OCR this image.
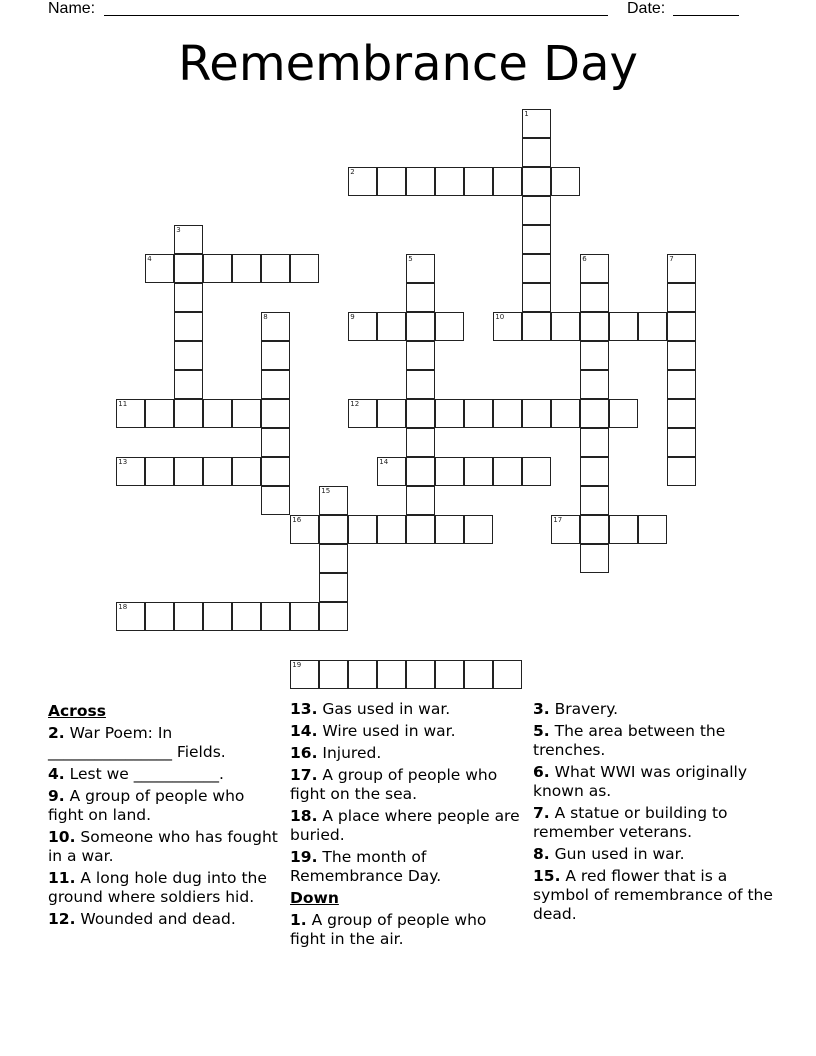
Name:	Date:
Remembrance Day
1
2
3
4	5	6	7
8	9	10
11	12
13	14
15
16	17
18
19
Across
2. War Poem: In ________________ Fields.
4. Lest we ___________.
9. A group of people who fight on land.
10. Someone who has fought in a war.
11. A long hole dug into the ground where soldiers hid.
12. Wounded and dead.
13. Gas used in war.
14. Wire used in war.
16. Injured.
17. A group of people who fight on the sea.
18. A place where people are buried.
19. The month of Remembrance Day.
Down
1. A group of people who fight in the air.
3. Bravery.
5. The area between the trenches.
6. What WWI was originally known as.
7. A statue or building to remember veterans.
8. Gun used in war.
15. A red flower that is a symbol of remembrance of the dead.
